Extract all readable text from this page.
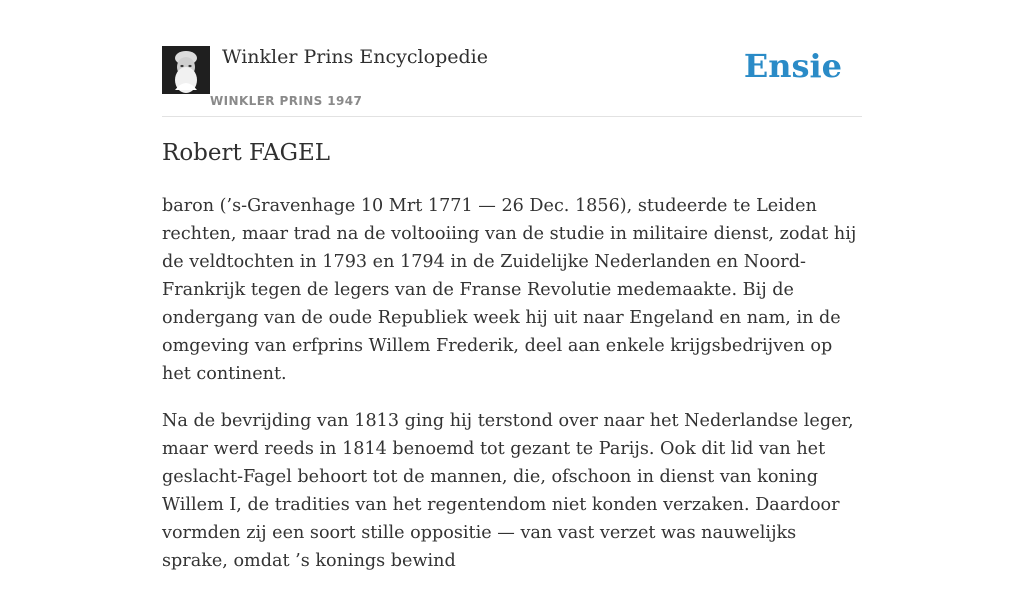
Winkler Prins Encyclopedie
WINKLER PRINS 1947
Ensie
Robert FAGEL

baron (’s-Gravenhage 10 Mrt 1771 — 26 Dec. 1856), studeerde te Leiden rechten, maar trad na de voltooiing van de studie in militaire dienst, zodat hij de veldtochten in 1793 en 1794 in de Zuidelijke Nederlanden en Noord-Frankrijk tegen de legers van de Franse Revolutie medemaakte. Bij de ondergang van de oude Republiek week hij uit naar Engeland en nam, in de omgeving van erfprins Willem Frederik, deel aan enkele krijgsbedrijven op het continent.

Na de bevrijding van 1813 ging hij terstond over naar het Nederlandse leger, maar werd reeds in 1814 benoemd tot gezant te Parijs. Ook dit lid van het geslacht-Fagel behoort tot de mannen, die, ofschoon in dienst van koning Willem I, de tradities van het regentendom niet konden verzaken. Daardoor vormden zij een soort stille oppositie — van vast verzet was nauwelijks sprake, omdat ’s konings bewind
